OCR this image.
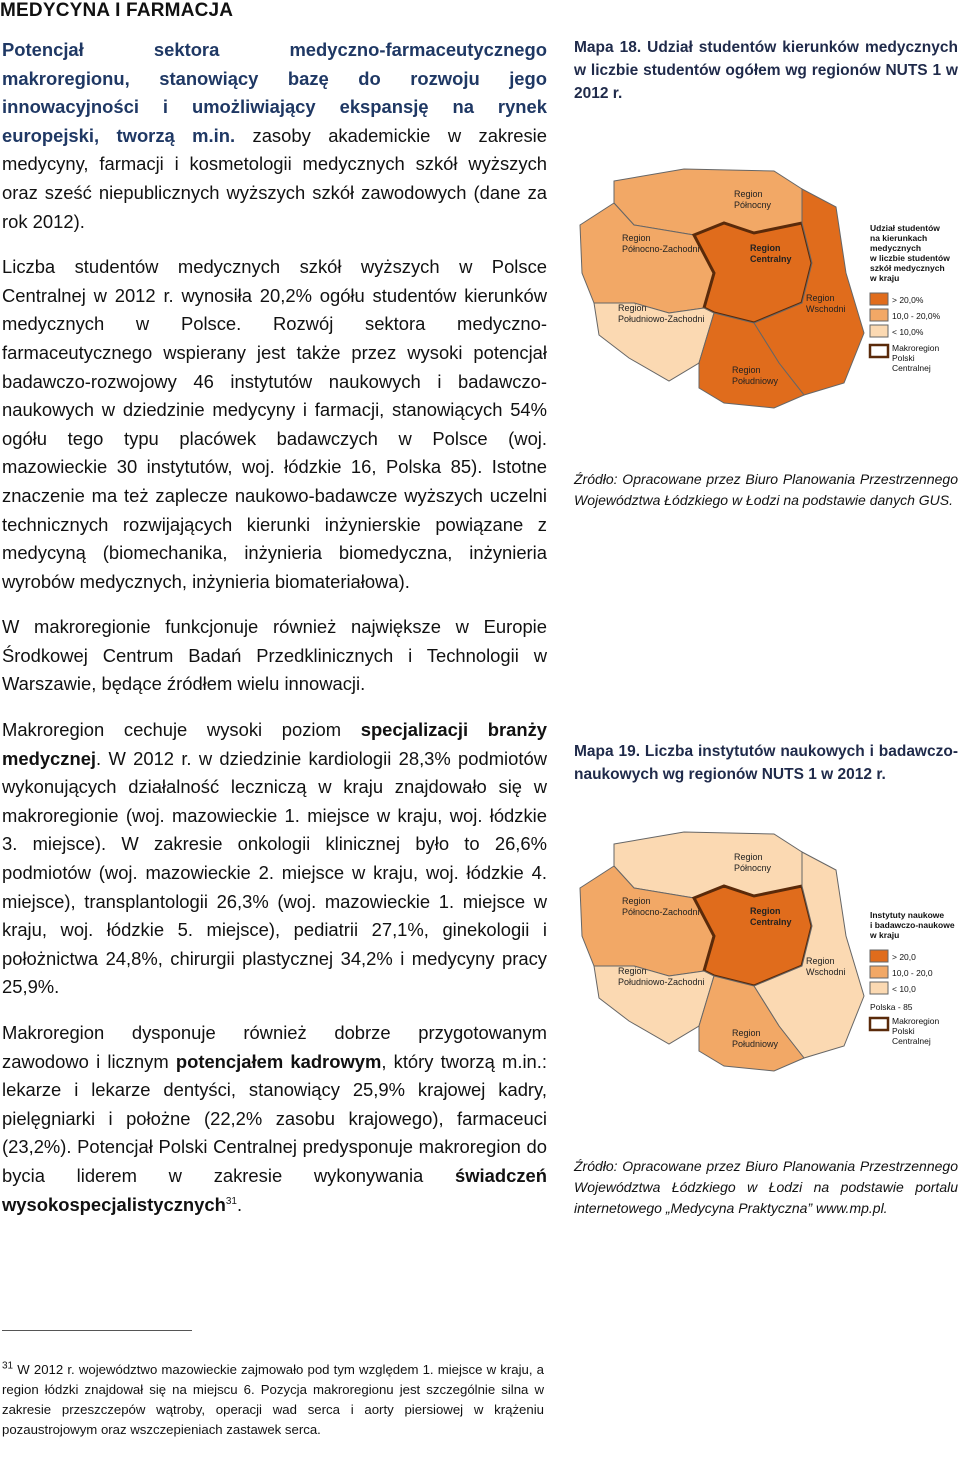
MEDYCYNA I FARMACJA

Potencjał sektora medyczno-farmaceutycznego makroregionu, stanowiący bazę do rozwoju jego innowacyjności i umożliwiający ekspansję na rynek europejski, tworzą m.in. zasoby akademickie w zakresie medycyny, farmacji i kosmetologii medycznych szkół wyższych oraz sześć niepublicznych wyższych szkół zawodowych (dane za rok 2012).

Liczba studentów medycznych szkół wyższych w Polsce Centralnej w 2012 r. wynosiła 20,2% ogółu studentów kierunków medycznych w Polsce. Rozwój sektora medyczno-farmaceutycznego wspierany jest także przez wysoki potencjał badawczo-rozwojowy 46 instytutów naukowych i badawczo-naukowych w dziedzinie medycyny i farmacji, stanowiących 54% ogółu tego typu placówek badawczych w Polsce (woj. mazowieckie 30 instytutów, woj. łódzkie 16, Polska 85). Istotne znaczenie ma też zaplecze naukowo-badawcze wyższych uczelni technicznych rozwijających kierunki inżynierskie powiązane z medycyną (biomechanika, inżynieria biomedyczna, inżynieria wyrobów medycznych, inżynieria biomateriałowa).

W makroregionie funkcjonuje również największe w Europie Środkowej Centrum Badań Przedklinicznych i Technologii w Warszawie, będące źródłem wielu innowacji.

Makroregion cechuje wysoki poziom specjalizacji branży medycznej. W 2012 r. w dziedzinie kardiologii 28,3% podmiotów wykonujących działalność leczniczą w kraju znajdowało się w makroregionie (woj. mazowieckie 1. miejsce w kraju, woj. łódzkie 3. miejsce). W zakresie onkologii klinicznej było to 26,6% podmiotów (woj. mazowieckie 2. miejsce w kraju, woj. łódzkie 4. miejsce), transplantologii 26,3% (woj. mazowieckie 1. miejsce w kraju, woj. łódzkie 5. miejsce), pediatrii 27,1%, ginekologii i położnictwa 24,8%, chirurgii plastycznej 34,2% i medycyny pracy 25,9%.

Makroregion dysponuje również dobrze przygotowanym zawodowo i licznym potencjałem kadrowym, który tworzą m.in.: lekarze i lekarze dentyści, stanowiący 25,9% krajowej kadry, pielęgniarki i położne (22,2% zasobu krajowego), farmaceuci (23,2%). Potencjał Polski Centralnej predysponuje makroregion do bycia liderem w zakresie wykonywania świadczeń wysokospecjalistycznych$^{31}$.

Mapa 18. Udział studentów kierunków medycznych w liczbie studentów ogółem wg regionów NUTS 1 w 2012 r.
Region Północny
Region Północno-Zachodni	Region Centralny
Region Wschodni
Region Południowo-Zachodni
Region Południowy
Udział studentów na kierunkach medycznych w liczbie studentów szkół medycznych w kraju
> 20,0%
10,0 - 20,0%
< 10,0%
Makroregion Polski Centralnej
Źródło: Opracowane przez Biuro Planowania Przestrzennego Województwa Łódzkiego w Łodzi na podstawie danych GUS.
Mapa 19. Liczba instytutów naukowych i badawczo-naukowych wg regionów NUTS 1 w 2012 r.
Region Północny
Region Północno-Zachodni	Region Centralny
Region Wschodni
Region Południowo-Zachodni
Region Południowy
Instytuty naukowe i badawczo-naukowe w kraju
> 20,0
10,0 - 20,0
< 10,0
Polska - 85
Makroregion Polski Centralnej
Źródło: Opracowane przez Biuro Planowania Przestrzennego Województwa Łódzkiego w Łodzi na podstawie portalu internetowego „Medycyna Praktyczna” www.mp.pl.
$^{31}$ W 2012 r. województwo mazowieckie zajmowało pod tym względem 1. miejsce w kraju, a region łódzki znajdował się na miejscu 6. Pozycja makroregionu jest szczególnie silna w zakresie przeszczepów wątroby, operacji wad serca i aorty piersiowej w krążeniu pozaustrojowym oraz wszczepieniach zastawek serca.
